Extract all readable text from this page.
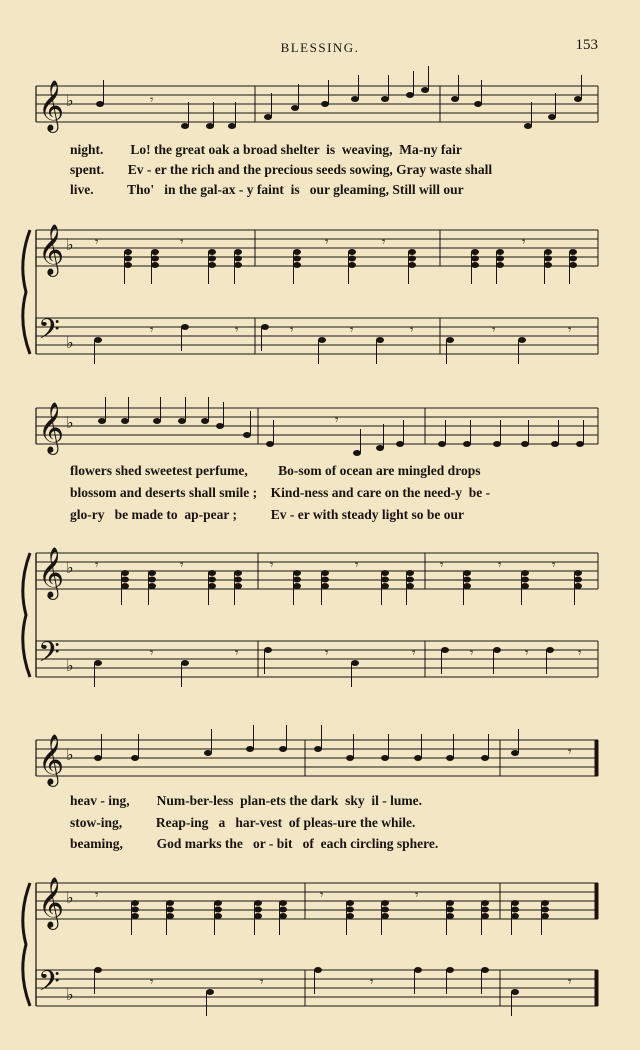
BLESSING.	153
𝄞 ♭	𝄾
𝄞 ♭ 𝄾	𝄾	𝄾	𝄾	𝄾
𝄢 ♭
𝄾	𝄾	𝄾	𝄾	𝄾	𝄾	𝄾
𝄞 ♭	𝄾
𝄞 ♭ 𝄾	𝄾	𝄾	𝄾	𝄾	𝄾	𝄾
𝄢 ♭
𝄾	𝄾	𝄾	𝄾	𝄾	𝄾	𝄾
𝄞 ♭	𝄾
𝄞 ♭ 𝄾	𝄾	𝄾
𝄢 ♭
𝄾	𝄾	𝄾	𝄾
night.        Lo! the great oak a broad shelter  is  weaving,  Ma-ny fair
spent.       Ev - er the rich and the precious seeds sowing, Gray waste shall
live.          Tho'   in the gal-ax - y faint  is   our gleaming, Still will our
flowers shed sweetest perfume,         Bo-som of ocean are mingled drops
blossom and deserts shall smile ;    Kind-ness and care on the need-y  be -
glo-ry   be made to  ap-pear ;          Ev - er with steady light so be our
heav - ing,        Num-ber-less  plan-ets the dark  sky  il - lume.
stow-ing,          Reap-ing   a   har-vest  of pleas-ure the while.
beaming,          God marks the   or - bit   of  each circling sphere.
